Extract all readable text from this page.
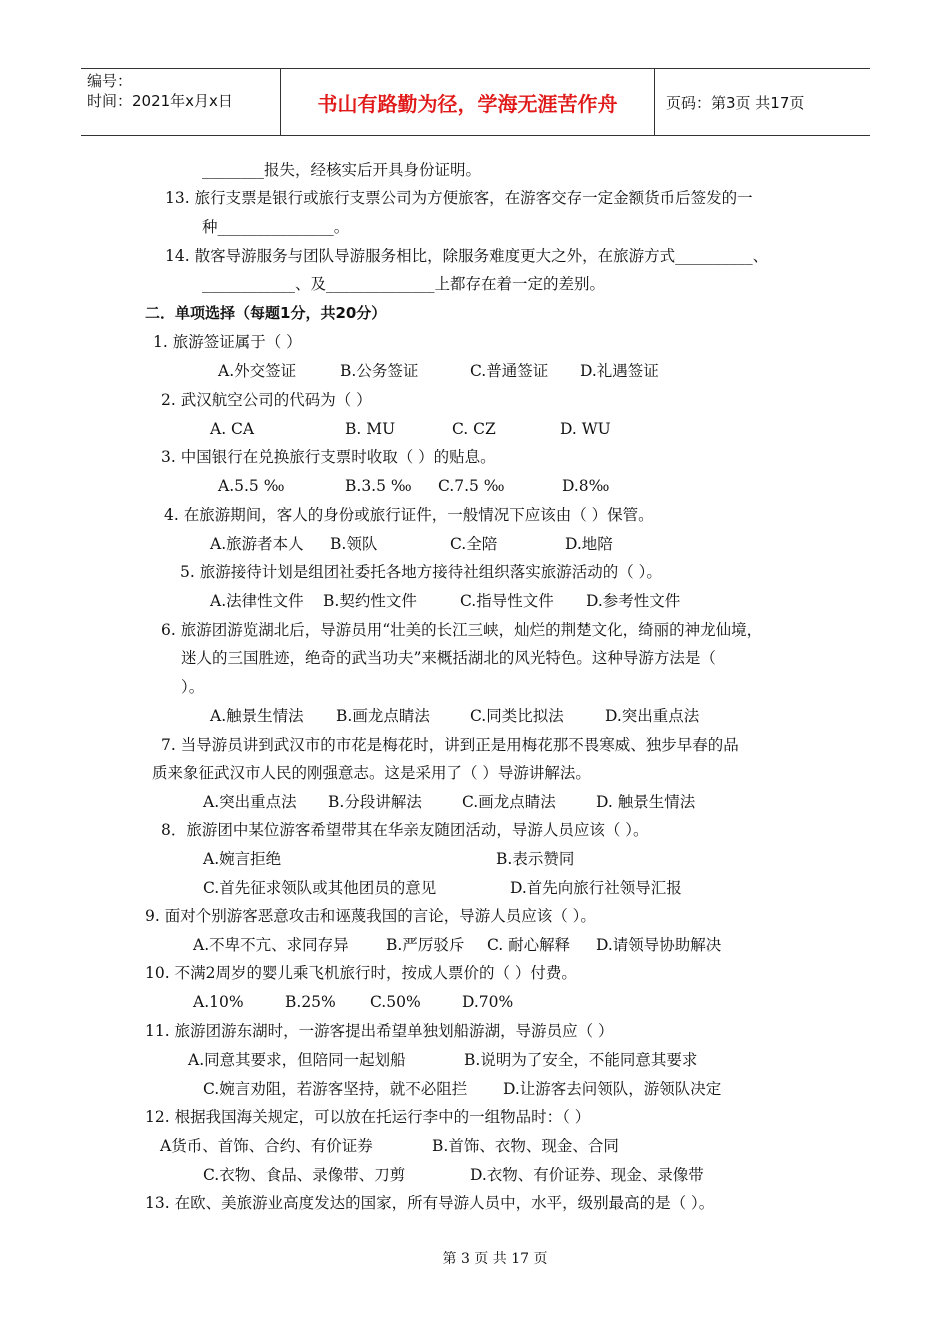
编号：
时间：2021年x月x日	书山有路勤为径，学海无涯苦作舟	页码：第3页 共17页
________报失，经核实后开具身份证明。
13. 旅行支票是银行或旅行支票公司为方便旅客，在游客交存一定金额货币后签发的一
种_______________。
14. 散客导游服务与团队导游服务相比，除服务难度更大之外，在旅游方式__________、
____________、及______________上都存在着一定的差别。
二．单项选择（每题1分，共20分）
1. 旅游签证属于（ ）
A.外交签证	B.公务签证	C.普通签证 D.礼遇签证
2. 武汉航空公司的代码为（ ）
A. CA	B. MU	C. CZ	D. WU
3. 中国银行在兑换旅行支票时收取（ ）的贴息。
A.5.5 ‰	B.3.5 ‰ C.7.5 ‰	D.8‰
4. 在旅游期间，客人的身份或旅行证件，一般情况下应该由（ ）保管。
A.旅游者本人 B.领队	C.全陪	D.地陪
5. 旅游接待计划是组团社委托各地方接待社组织落实旅游活动的（ ）。
A.法律性文件 B.契约性文件	C.指导性文件 D.参考性文件
6. 旅游团游览湖北后，导游员用“壮美的长江三峡，灿烂的荆楚文化，绮丽的神龙仙境，
迷人的三国胜迹，绝奇的武当功夫”来概括湖北的风光特色。这种导游方法是（
）。
A.触景生情法 B.画龙点睛法	C.同类比拟法	D.突出重点法
7. 当导游员讲到武汉市的市花是梅花时，讲到正是用梅花那不畏寒威、独步早春的品
质来象征武汉市人民的刚强意志。这是采用了（ ）导游讲解法。
A.突出重点法 B.分段讲解法	C.画龙点睛法	D. 触景生情法
8．旅游团中某位游客希望带其在华亲友随团活动，导游人员应该（ ）。
A.婉言拒绝	B.表示赞同
C.首先征求领队或其他团员的意见	D.首先向旅行社领导汇报
9. 面对个别游客恶意攻击和诬蔑我国的言论，导游人员应该（ ）。
A.不卑不亢、求同存异 B.严厉驳斥 C. 耐心解释 D.请领导协助解决
10. 不满2周岁的婴儿乘飞机旅行时，按成人票价的（ ）付费。
A.10%	B.25% C.50%	D.70%
11. 旅游团游东湖时，一游客提出希望单独划船游湖，导游员应（ ）
A.同意其要求，但陪同一起划船	B.说明为了安全，不能同意其要求
C.婉言劝阻，若游客坚持，就不必阻拦 D.让游客去问领队，游领队决定
12. 根据我国海关规定，可以放在托运行李中的一组物品时：（ ）
A货币、首饰、合约、有价证券	B.首饰、衣物、现金、合同
C.衣物、食品、录像带、刀剪	D.衣物、有价证券、现金、录像带
13. 在欧、美旅游业高度发达的国家，所有导游人员中，水平，级别最高的是（ ）。
第 3 页 共 17 页
